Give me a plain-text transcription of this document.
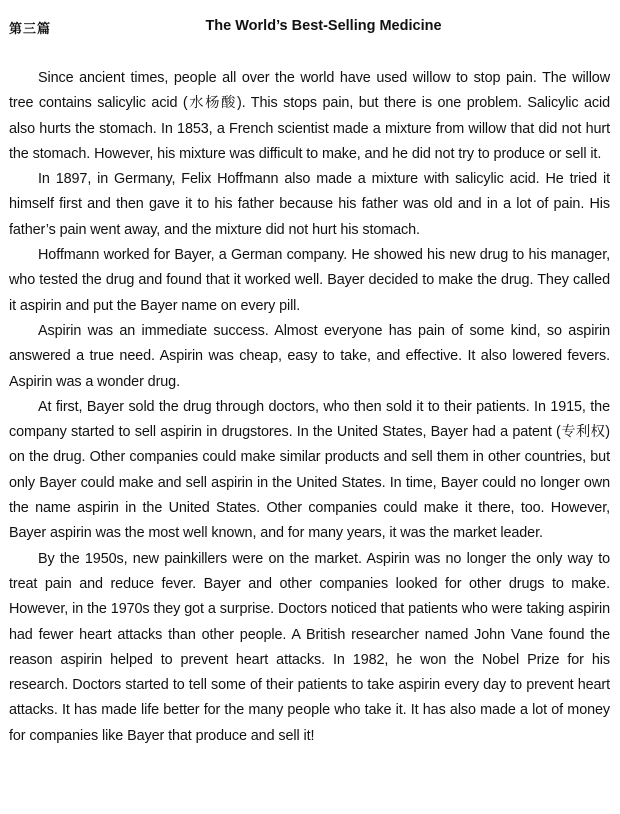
第三篇	The World’s Best-Selling Medicine

Since ancient times, people all over the world have used willow to stop pain. The willow tree contains salicylic acid (水杨酸). This stops pain, but there is one problem. Salicylic acid also hurts the stomach. In 1853, a French scientist made a mixture from willow that did not hurt the stomach. However, his mixture was difficult to make, and he did not try to produce or sell it.

In 1897, in Germany, Felix Hoffmann also made a mixture with salicylic acid. He tried it himself first and then gave it to his father because his father was old and in a lot of pain. His father’s pain went away, and the mixture did not hurt his stomach.

Hoffmann worked for Bayer, a German company. He showed his new drug to his manager, who tested the drug and found that it worked well. Bayer decided to make the drug. They called it aspirin and put the Bayer name on every pill.

Aspirin was an immediate success. Almost everyone has pain of some kind, so aspirin answered a true need. Aspirin was cheap, easy to take, and effective. It also lowered fevers. Aspirin was a wonder drug.

At first, Bayer sold the drug through doctors, who then sold it to their patients. In 1915, the company started to sell aspirin in drugstores. In the United States, Bayer had a patent (专利权) on the drug. Other companies could make similar products and sell them in other countries, but only Bayer could make and sell aspirin in the United States. In time, Bayer could no longer own the name aspirin in the United States. Other companies could make it there, too. However, Bayer aspirin was the most well known, and for many years, it was the market leader.

By the 1950s, new painkillers were on the market. Aspirin was no longer the only way to treat pain and reduce fever. Bayer and other companies looked for other drugs to make. However, in the 1970s they got a surprise. Doctors noticed that patients who were taking aspirin had fewer heart attacks than other people. A British researcher named John Vane found the reason aspirin helped to prevent heart attacks. In 1982, he won the Nobel Prize for his research. Doctors started to tell some of their patients to take aspirin every day to prevent heart attacks. It has made life better for the many people who take it. It has also made a lot of money for companies like Bayer that produce and sell it!
